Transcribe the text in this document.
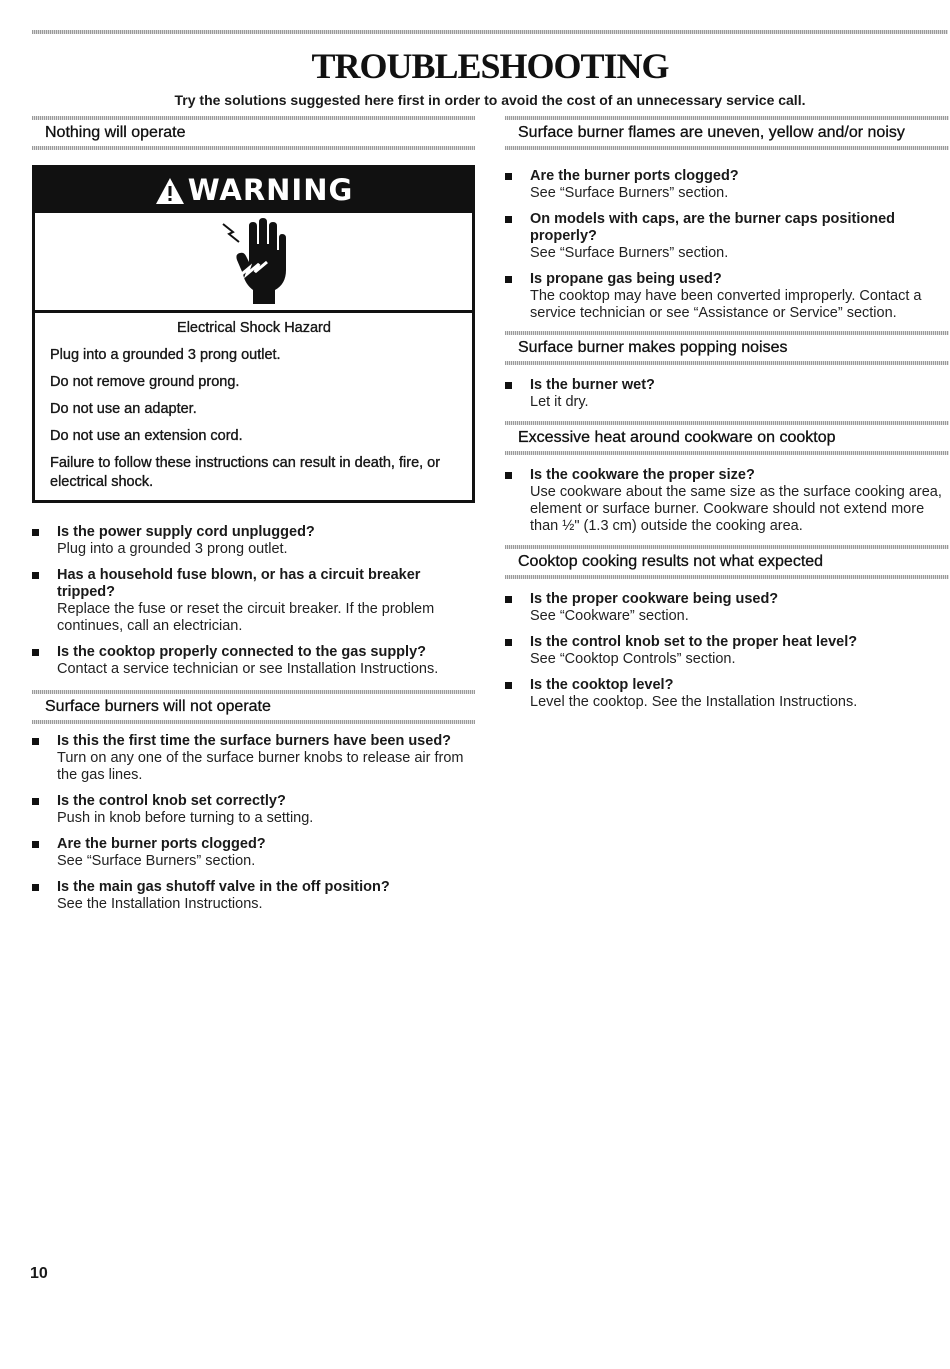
TROUBLESHOOTING
Try the solutions suggested here first in order to avoid the cost of an unnecessary service call.
Nothing will operate
WARNING
Electrical Shock Hazard

Plug into a grounded 3 prong outlet.

Do not remove ground prong.

Do not use an adapter.

Do not use an extension cord.

Failure to follow these instructions can result in death, fire, or electrical shock.

Is the power supply cord unplugged?
Plug into a grounded 3 prong outlet.
Has a household fuse blown, or has a circuit breaker tripped?
Replace the fuse or reset the circuit breaker. If the problem continues, call an electrician.
Is the cooktop properly connected to the gas supply?
Contact a service technician or see Installation Instructions.
Surface burners will not operate
Is this the first time the surface burners have been used?
Turn on any one of the surface burner knobs to release air from the gas lines.
Is the control knob set correctly?
Push in knob before turning to a setting.
Are the burner ports clogged?
See “Surface Burners” section.
Is the main gas shutoff valve in the off position?
See the Installation Instructions.
Surface burner flames are uneven, yellow and/or noisy
Are the burner ports clogged?
See “Surface Burners” section.
On models with caps, are the burner caps positioned properly?
See “Surface Burners” section.
Is propane gas being used?
The cooktop may have been converted improperly. Contact a service technician or see “Assistance or Service” section.
Surface burner makes popping noises
Is the burner wet?
Let it dry.
Excessive heat around cookware on cooktop
Is the cookware the proper size?
Use cookware about the same size as the surface cooking area, element or surface burner. Cookware should not extend more than ½" (1.3 cm) outside the cooking area.
Cooktop cooking results not what expected
Is the proper cookware being used?
See “Cookware” section.
Is the control knob set to the proper heat level?
See “Cooktop Controls” section.
Is the cooktop level?
Level the cooktop. See the Installation Instructions.
10
